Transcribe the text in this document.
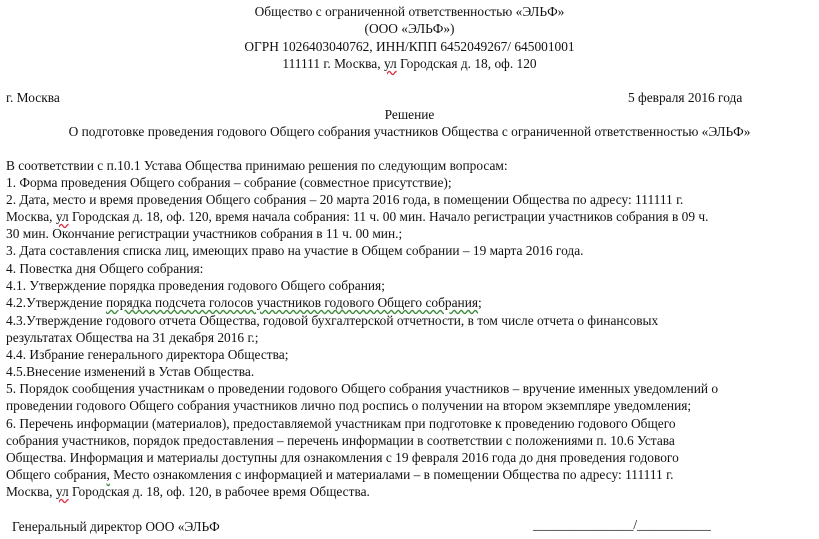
Общество с ограниченной ответственностью «ЭЛЬФ»
(ООО «ЭЛЬФ»)
ОГРН 1026403040762, ИНН/КПП 6452049267/ 645001001
111111 г. Москва, ул Городская д. 18, оф. 120
г. Москва	5 февраля 2016 года
Решение
О подготовке проведения годового Общего собрания участников Общества с ограниченной ответственностью «ЭЛЬФ»
В соответствии с п.10.1 Устава Общества принимаю решения по следующим вопросам:
1. Форма проведения Общего собрания – собрание (совместное присутствие);
2. Дата, место и время проведения Общего собрания – 20 марта 2016 года, в помещении Общества по адресу: 111111 г.
Москва, ул Городская д. 18, оф. 120, время начала собрания: 11 ч. 00 мин. Начало регистрации участников собрания в 09 ч.
30 мин. Окончание регистрации участников собрания в 11 ч. 00 мин.;
3. Дата составления списка лиц, имеющих право на участие в Общем собрании – 19 марта 2016 года.
4. Повестка дня Общего собрания:
4.1. Утверждение порядка проведения годового Общего собрания;
4.2.Утверждение порядка подсчета голосов участников годового Общего собрания;
4.3.Утверждение годового отчета Общества, годовой бухгалтерской отчетности, в том числе отчета о финансовых
результатах Общества на 31 декабря 2016 г.;
4.4. Избрание генерального директора Общества;
4.5.Внесение изменений в Устав Общества.
5. Порядок сообщения участникам о проведении годового Общего собрания участников – вручение именных уведомлений о
проведении годового Общего собрания участников лично под роспись о получении на втором экземпляре уведомления;
6. Перечень информации (материалов), предоставляемой участникам при подготовке к проведению годового Общего
собрания участников, порядок предоставления – перечень информации в соответствии с положениями п. 10.6 Устава
Общества. Информация и материалы доступны для ознакомления с 19 февраля 2016 года до дня проведения годового
Общего собрания, Место ознакомления с информацией и материалами – в помещении Общества по адресу: 111111 г.
Москва, ул Городская д. 18, оф. 120, в рабочее время Общества.
Генеральный директор ООО «ЭЛЬФ	_______________/___________
